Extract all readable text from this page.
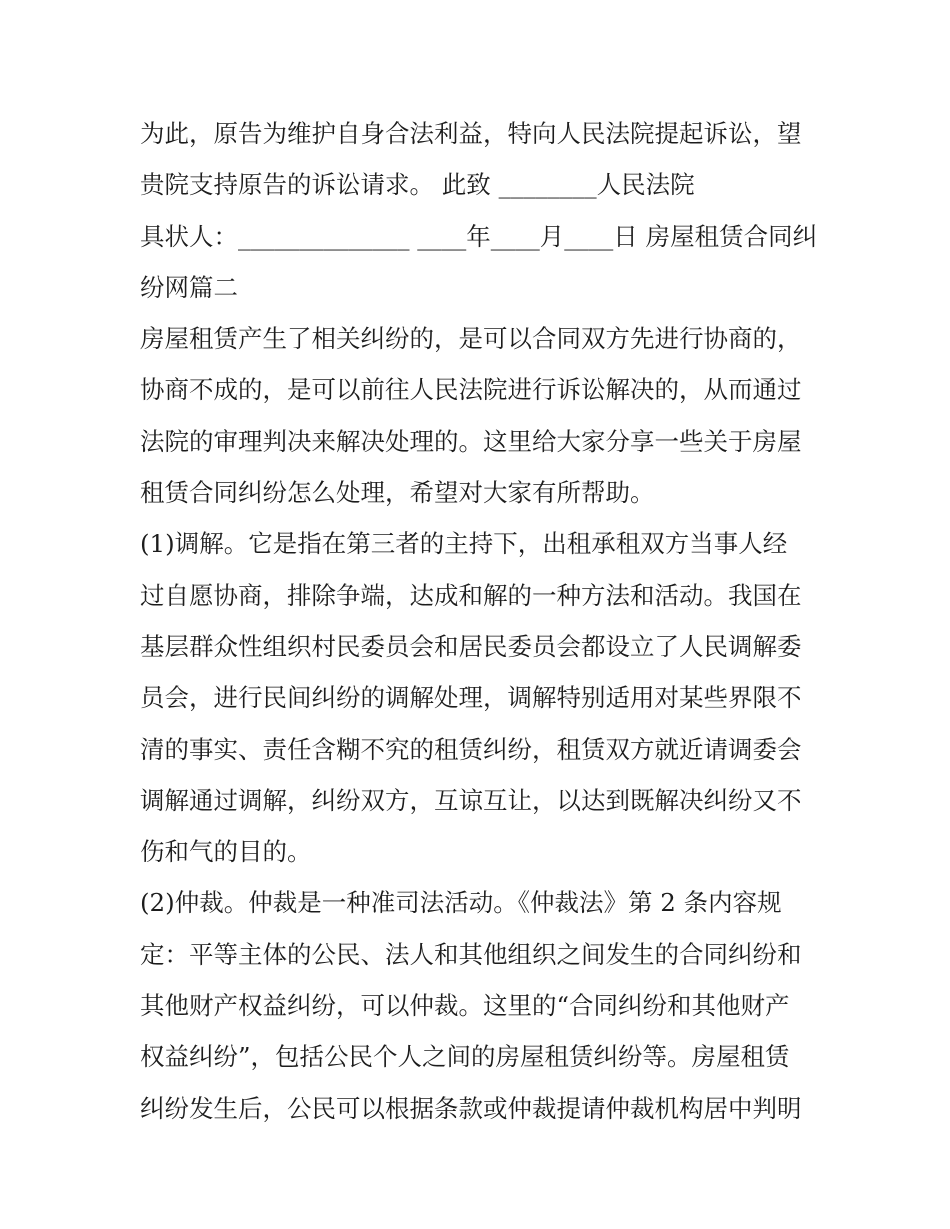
为此，原告为维护自身合法利益，特向人民法院提起诉讼，望
贵院支持原告的诉讼请求。 此致 ________人民法院
具状人：______________ ____年____月____日 房屋租赁合同纠
纷网篇二
房屋租赁产生了相关纠纷的，是可以合同双方先进行协商的，
协商不成的，是可以前往人民法院进行诉讼解决的，从而通过
法院的审理判决来解决处理的。这里给大家分享一些关于房屋
租赁合同纠纷怎么处理，希望对大家有所帮助。
(1)调解。它是指在第三者的主持下，出租承租双方当事人经
过自愿协商，排除争端，达成和解的一种方法和活动。我国在
基层群众性组织村民委员会和居民委员会都设立了人民调解委
员会，进行民间纠纷的调解处理，调解特别适用对某些界限不
清的事实、责任含糊不究的租赁纠纷，租赁双方就近请调委会
调解通过调解，纠纷双方，互谅互让，以达到既解决纠纷又不
伤和气的目的。
(2)仲裁。仲裁是一种准司法活动。《仲裁法》第 2 条内容规
定：平等主体的公民、法人和其他组织之间发生的合同纠纷和
其他财产权益纠纷，可以仲裁。这里的“合同纠纷和其他财产
权益纠纷”，包括公民个人之间的房屋租赁纠纷等。房屋租赁
纠纷发生后，公民可以根据条款或仲裁提请仲裁机构居中判明
